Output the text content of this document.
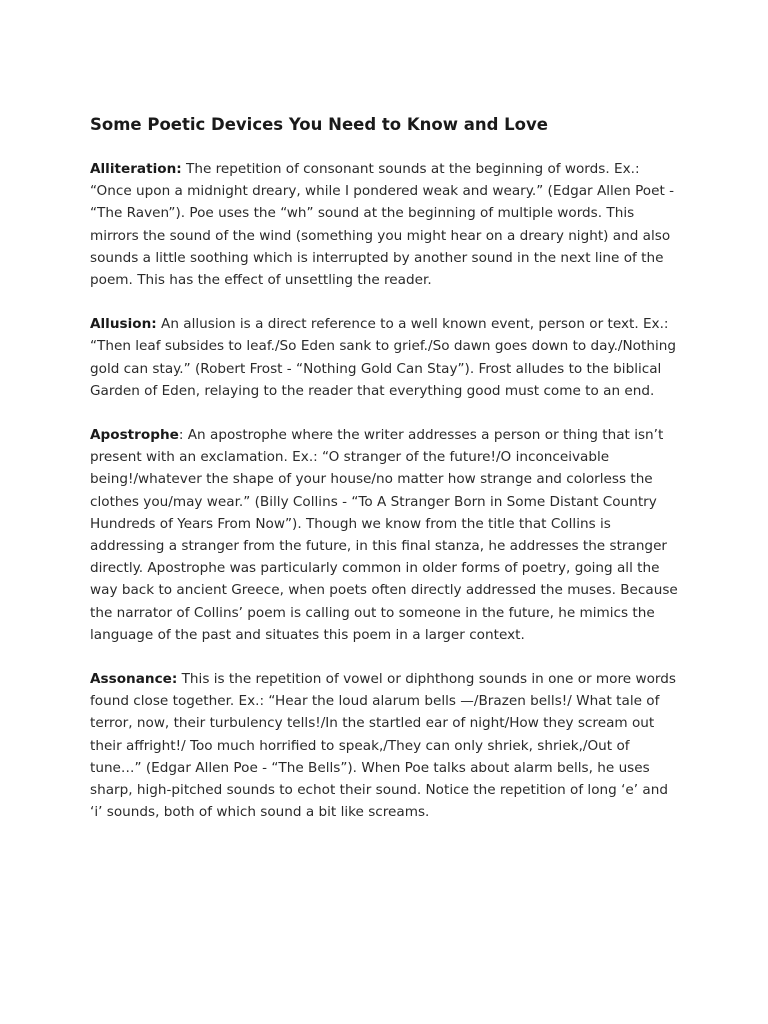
Some Poetic Devices You Need to Know and Love

Alliteration: The repetition of consonant sounds at the beginning of words. Ex.: “Once upon a midnight dreary, while I pondered weak and weary.” (Edgar Allen Poet - “The Raven”). Poe uses the “wh” sound at the beginning of multiple words. This mirrors the sound of the wind (something you might hear on a dreary night) and also sounds a little soothing which is interrupted by another sound in the next line of the poem. This has the effect of unsettling the reader.

Allusion: An allusion is a direct reference to a well known event, person or text. Ex.: “Then leaf subsides to leaf./So Eden sank to grief./So dawn goes down to day./Nothing gold can stay.” (Robert Frost - “Nothing Gold Can Stay”). Frost alludes to the biblical Garden of Eden, relaying to the reader that everything good must come to an end.

Apostrophe: An apostrophe where the writer addresses a person or thing that isn’t present with an exclamation. Ex.: “O stranger of the future!/O inconceivable being!/whatever the shape of your house/no matter how strange and colorless the clothes you/may wear.” (Billy Collins - “To A Stranger Born in Some Distant Country Hundreds of Years From Now”). Though we know from the title that Collins is addressing a stranger from the future, in this final stanza, he addresses the stranger directly. Apostrophe was particularly common in older forms of poetry, going all the way back to ancient Greece, when poets often directly addressed the muses. Because the narrator of Collins’ poem is calling out to someone in the future, he mimics the language of the past and situates this poem in a larger context.

Assonance: This is the repetition of vowel or diphthong sounds in one or more words found close together. Ex.: “Hear the loud alarum bells —/Brazen bells!/ What tale of terror, now, their turbulency tells!/In the startled ear of night/How they scream out their affright!/ Too much horrified to speak,/They can only shriek, shriek,/Out of tune…” (Edgar Allen Poe - “The Bells”). When Poe talks about alarm bells, he uses sharp, high-pitched sounds to echot their sound. Notice the repetition of long ‘e’ and ‘i’ sounds, both of which sound a bit like screams.
